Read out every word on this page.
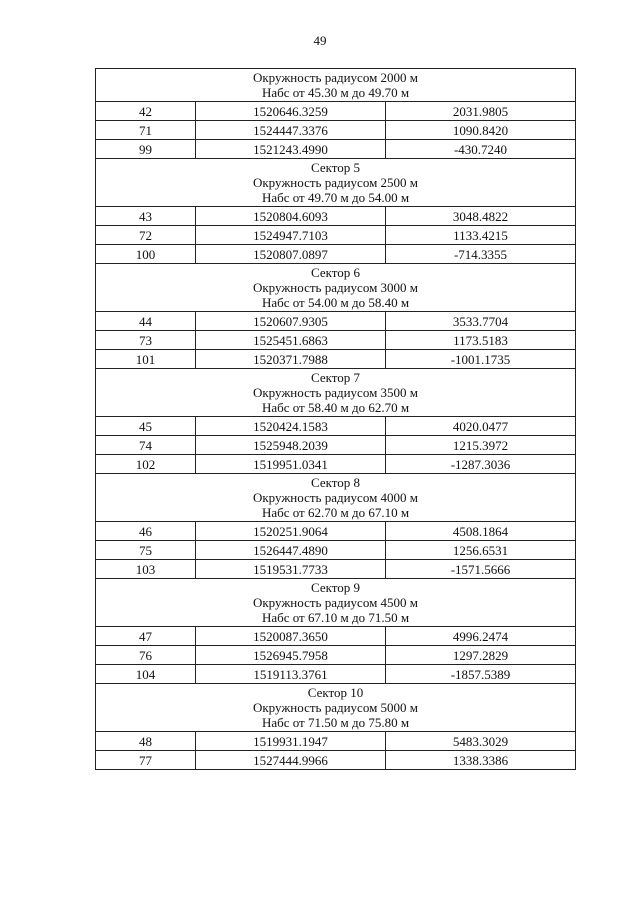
49
Окружность радиусом 2000 м
Набс от 45.30 м до 49.70 м		

42	1520646.3259	2031.9805
71	1524447.3376	1090.8420
99	1521243.4990	-430.7240

Сектор 5
Окружность радиусом 2500 м
Набс от 49.70 м до 54.00 м		

43	1520804.6093	3048.4822
72	1524947.7103	1133.4215
100	1520807.0897	-714.3355

Сектор 6
Окружность радиусом 3000 м
Набс от 54.00 м до 58.40 м		

44	1520607.9305	3533.7704
73	1525451.6863	1173.5183
101	1520371.7988	-1001.1735

Сектор 7
Окружность радиусом 3500 м
Набс от 58.40 м до 62.70 м		

45	1520424.1583	4020.0477
74	1525948.2039	1215.3972
102	1519951.0341	-1287.3036

Сектор 8
Окружность радиусом 4000 м
Набс от 62.70 м до 67.10 м		

46	1520251.9064	4508.1864
75	1526447.4890	1256.6531
103	1519531.7733	-1571.5666

Сектор 9
Окружность радиусом 4500 м
Набс от 67.10 м до 71.50 м		

47	1520087.3650	4996.2474
76	1526945.7958	1297.2829
104	1519113.3761	-1857.5389

Сектор 10
Окружность радиусом 5000 м
Набс от 71.50 м до 75.80 м		

48	1519931.1947	5483.3029
77	1527444.9966	1338.3386
